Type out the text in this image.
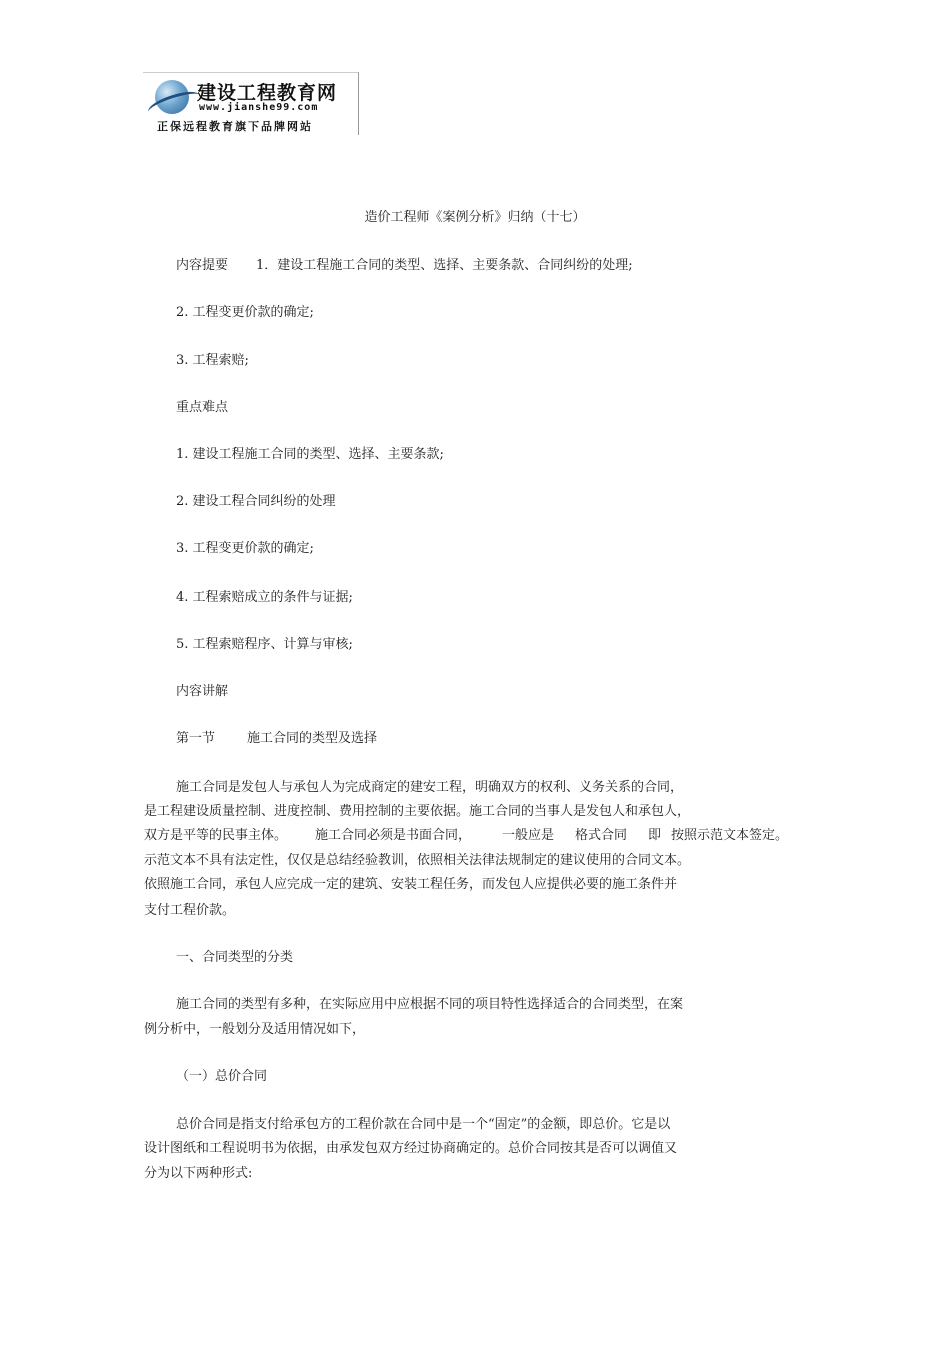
建设工程教育网
www.jianshe99.com
正保远程教育旗下品牌网站
造价工程师《案例分析》归纳（十七）
内容提要 1．建设工程施工合同的类型、选择、主要条款、合同纠纷的处理;
2. 工程变更价款的确定;
3. 工程索赔;
重点难点
1. 建设工程施工合同的类型、选择、主要条款;
2. 建设工程合同纠纷的处理
3. 工程变更价款的确定;
4. 工程索赔成立的条件与证据;
5. 工程索赔程序、计算与审核;
内容讲解
第一节 施工合同的类型及选择
施工合同是发包人与承包人为完成商定的建安工程，明确双方的权利、义务关系的合同，
是工程建设质量控制、进度控制、费用控制的主要依据。施工合同的当事人是发包人和承包人，
双方是平等的民事主体。 施工合同必须是书面合同， 一般应是 格式合同 即 按照示范文本签定。
示范文本不具有法定性，仅仅是总结经验教训，依照相关法律法规制定的建议使用的合同文本。
依照施工合同，承包人应完成一定的建筑、安装工程任务，而发包人应提供必要的施工条件并
支付工程价款。
一、合同类型的分类
施工合同的类型有多种，在实际应用中应根据不同的项目特性选择适合的合同类型，在案
例分析中，一般划分及适用情况如下，
（一）总价合同
总价合同是指支付给承包方的工程价款在合同中是一个“固定”的金额，即总价。它是以
设计图纸和工程说明书为依据，由承发包双方经过协商确定的。总价合同按其是否可以调值又
分为以下两种形式:
